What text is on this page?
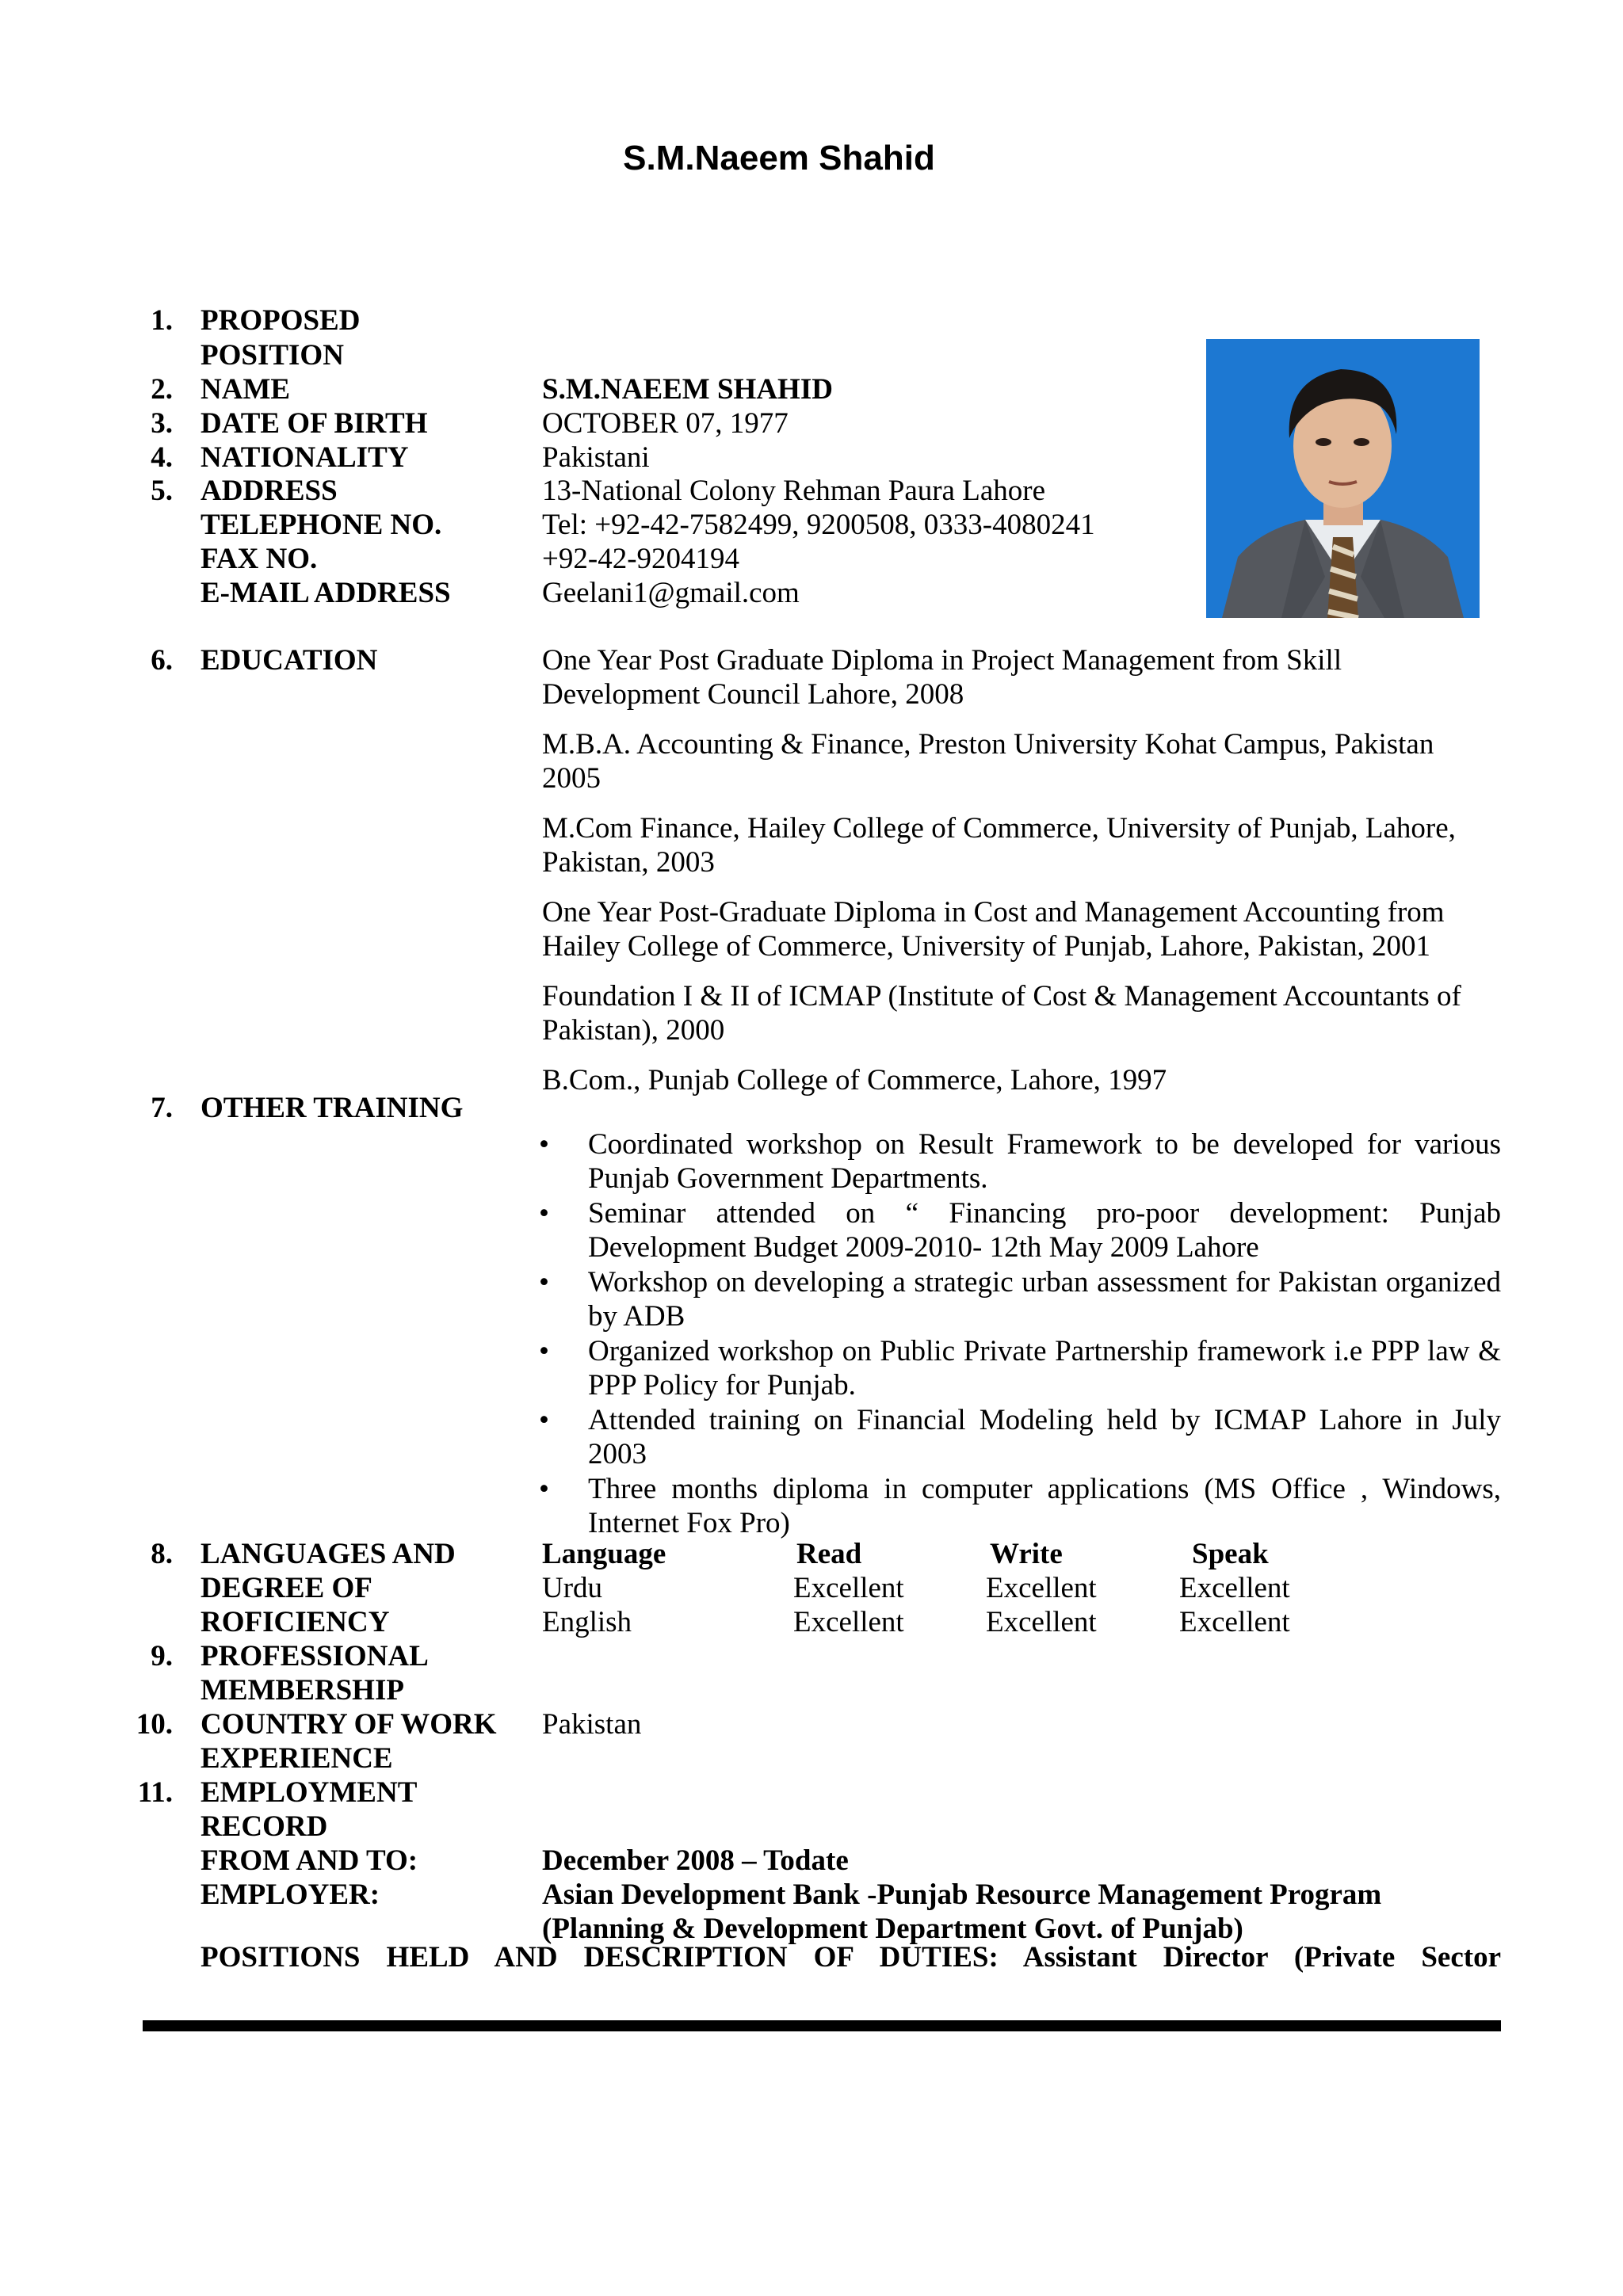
S.M.Naeem Shahid
1. PROPOSED
POSITION
2. NAME	S.M.NAEEM SHAHID
3. DATE OF BIRTH	OCTOBER 07, 1977
4. NATIONALITY	Pakistani
5. ADDRESS	13-National Colony Rehman Paura Lahore
TELEPHONE NO.	Tel: +92-42-7582499, 9200508, 0333-4080241
FAX NO.	+92-42-9204194
E-MAIL ADDRESS	Geelani1@gmail.com
6. EDUCATION	One Year Post Graduate Diploma in Project Management from Skill
Development Council Lahore, 2008
M.B.A. Accounting & Finance, Preston University Kohat Campus, Pakistan
2005
M.Com Finance, Hailey College of Commerce, University of Punjab, Lahore,
Pakistan, 2003
One Year Post-Graduate Diploma in Cost and Management Accounting from
Hailey College of Commerce, University of Punjab, Lahore, Pakistan, 2001
Foundation I & II of ICMAP (Institute of Cost & Management Accountants of
Pakistan), 2000
B.Com., Punjab College of Commerce, Lahore, 1997
7. OTHER TRAINING
• Coordinated workshop on Result Framework to be developed for various Punjab Government Departments.
• Seminar attended on “ Financing pro-poor development: Punjab Development Budget 2009-2010- 12th May 2009 Lahore
• Workshop on developing a strategic urban assessment for Pakistan organized by ADB
• Organized workshop on Public Private Partnership framework i.e PPP law & PPP Policy for Punjab.
• Attended training on Financial Modeling held by ICMAP Lahore in July 2003
• Three months diploma in computer applications (MS Office , Windows, Internet Fox Pro)
8. LANGUAGES AND
DEGREE OF
ROFICIENCY
Language	Read	Write	Speak
Urdu	Excellent	Excellent	Excellent
English	Excellent	Excellent	Excellent
9. PROFESSIONAL
MEMBERSHIP
10. COUNTRY OF WORK
EXPERIENCE
Pakistan
11. EMPLOYMENT
RECORD
FROM AND TO:	December 2008 – Todate
EMPLOYER:	Asian Development Bank -Punjab Resource Management Program
(Planning & Development Department Govt. of Punjab)
POSITIONS HELD AND DESCRIPTION OF DUTIES: Assistant Director (Private Sector
